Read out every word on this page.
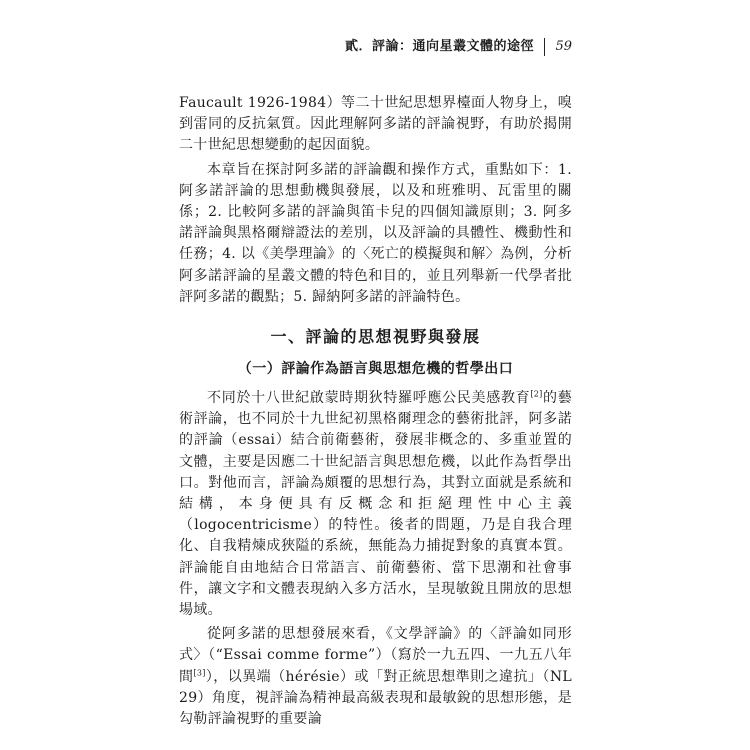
貳．評論：通向星叢文體的途徑 59

Faucault 1926-1984）等二十世紀思想界檯面人物身上，嗅到雷同的反抗氣質。因此理解阿多諾的評論視野，有助於揭開二十世紀思想變動的起因面貌。

本章旨在探討阿多諾的評論觀和操作方式，重點如下：1. 阿多諾評論的思想動機與發展，以及和班雅明、瓦雷里的關係；2. 比較阿多諾的評論與笛卡兒的四個知識原則；3. 阿多諾評論與黑格爾辯證法的差別，以及評論的具體性、機動性和任務；4. 以《美學理論》的〈死亡的模擬與和解〉為例，分析阿多諾評論的星叢文體的特色和目的，並且列舉新一代學者批評阿多諾的觀點；5. 歸納阿多諾的評論特色。

一、評論的思想視野與發展
（一）評論作為語言與思想危機的哲學出口

不同於十八世紀啟蒙時期狄特羅呼應公民美感教育[2]的藝術評論，也不同於十九世紀初黑格爾理念的藝術批評，阿多諾的評論（essai）結合前衛藝術，發展非概念的、多重並置的文體，主要是因應二十世紀語言與思想危機，以此作為哲學出口。對他而言，評論為頗覆的思想行為，其對立面就是系統和結構，本身便具有反概念和拒絕理性中心主義（logocentricisme）的特性。後者的問題，乃是自我合理化、自我精煉成狹隘的系統，無能為力捕捉對象的真實本質。評論能自由地結合日常語言、前衛藝術、當下思潮和社會事件，讓文字和文體表現納入多方活水，呈現敏銳且開放的思想場域。

從阿多諾的思想發展來看，《文學評論》的〈評論如同形式〉（“Essai comme forme”）（寫於一九五四、一九五八年間[3]），以異端（hérésie）或「對正統思想準則之違抗」（NL 29）角度，視評論為精神最高級表現和最敏銳的思想形態，是勾勒評論視野的重要論
